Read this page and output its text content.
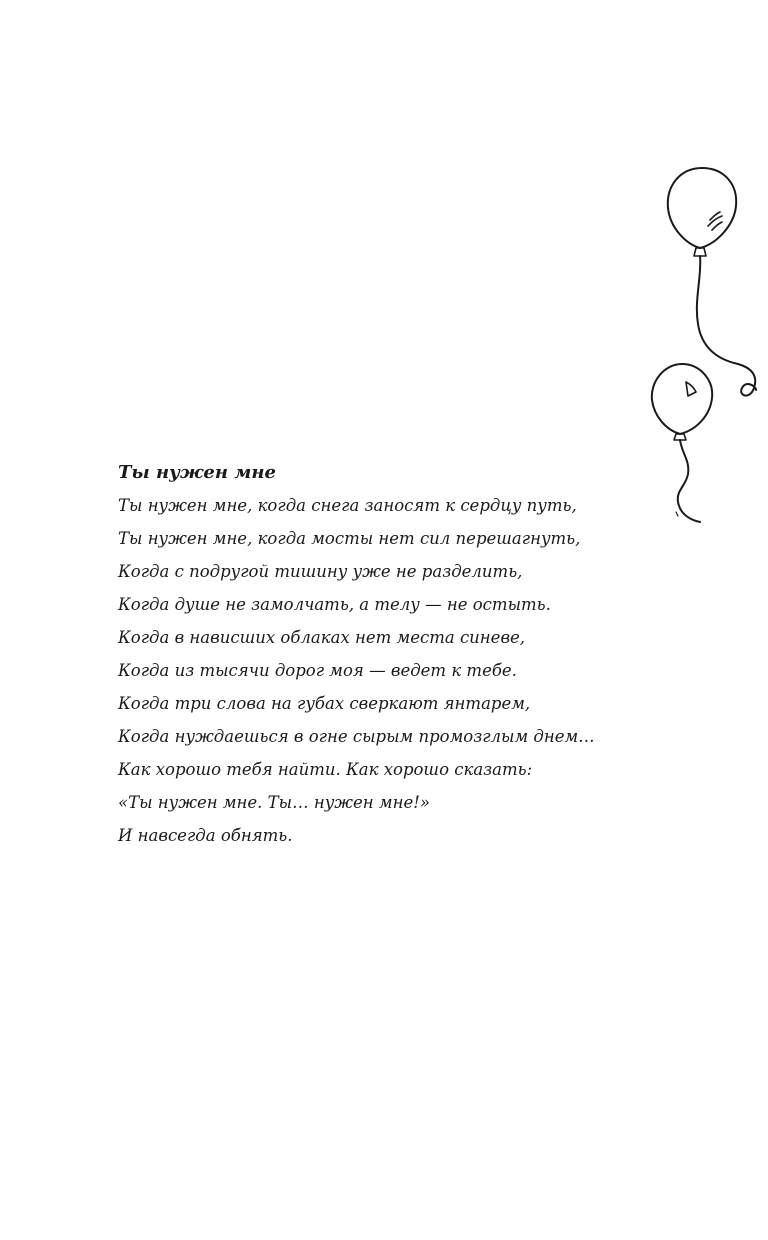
Ты нужен мне
Ты нужен мне, когда снега заносят к сердцу путь,
Ты нужен мне, когда мосты нет сил перешагнуть,
Когда с подругой тишину уже не разделить,
Когда душе не замолчать, а телу — не остыть.
Когда в нависших облаках нет места синеве,
Когда из тысячи дорог моя — ведет к тебе.
Когда три слова на губах сверкают янтарем,
Когда нуждаешься в огне сырым промозглым днем…
Как хорошо тебя найти. Как хорошо сказать:
«Ты нужен мне. Ты… нужен мне!»
И навсегда обнять.
